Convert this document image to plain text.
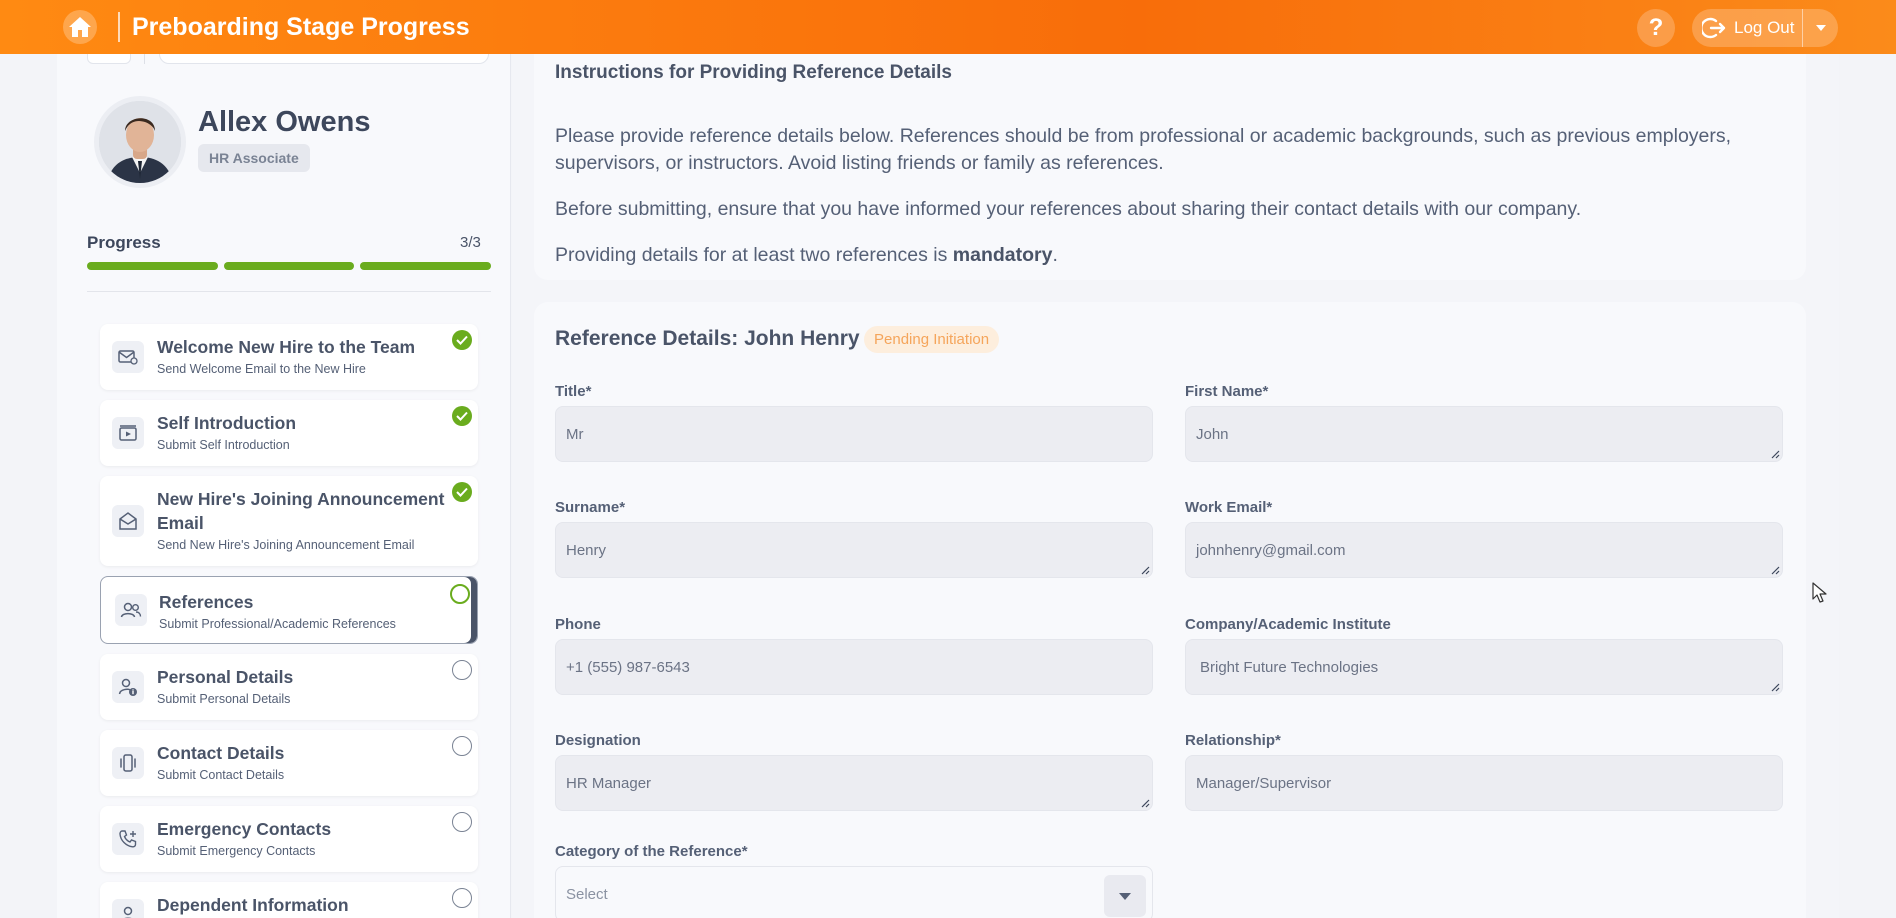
Preboarding Stage Progress	?	Log Out
Allex Owens
HR Associate
Progress	3/3
Welcome New Hire to the Team
Send Welcome Email to the New Hire
Self Introduction
Submit Self Introduction
New Hire's Joining Announcement Email
Send New Hire's Joining Announcement Email
References
Submit Professional/Academic References
Personal Details
Submit Personal Details
Contact Details
Submit Contact Details
Emergency Contacts
Submit Emergency Contacts
Dependent Information
Instructions for Providing Reference Details
Please provide reference details below. References should be from professional or academic backgrounds, such as previous employers, supervisors, or instructors. Avoid listing friends or family as references.
Before submitting, ensure that you have informed your references about sharing their contact details with our company.
Providing details for at least two references is mandatory.
Reference Details: John Henry Pending Initiation
Title*
Mr
First Name*
John
Surname*
Henry
Work Email*
johnhenry@gmail.com
Phone
+1 (555) 987-6543
Company/Academic Institute
Bright Future Technologies
Designation
HR Manager
Relationship*
Manager/Supervisor
Category of the Reference*
Select
